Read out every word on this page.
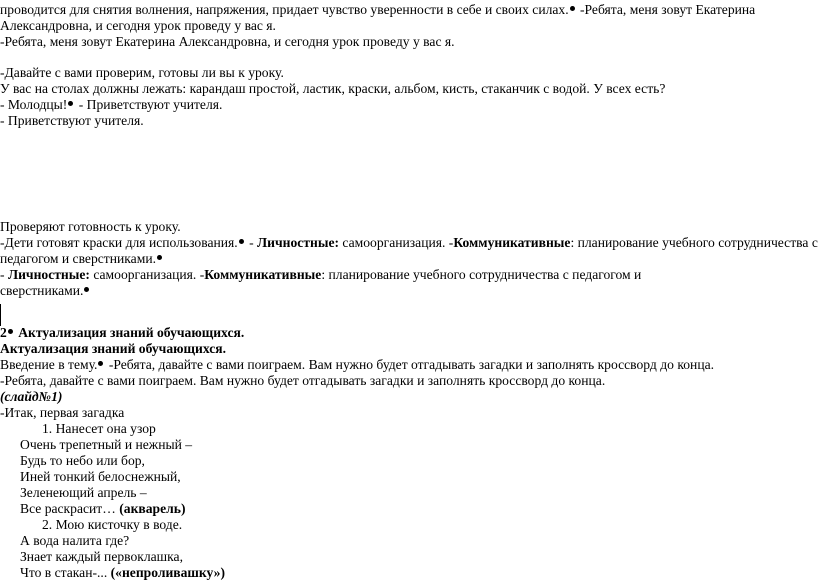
проводится для снятия волнения, напряжения, придает чувство уверенности в себе и своих силах. -Ребята, меня зовут Екатерина
Александровна, и сегодня урок проведу у вас я.
-Ребята, меня зовут Екатерина Александровна, и сегодня урок проведу у вас я.
-Давайте с вами проверим, готовы ли вы к уроку.
У вас на столах должны лежать: карандаш простой, ластик, краски, альбом, кисть, стаканчик с водой. У всех есть?
- Молодцы! - Приветствуют учителя.
- Приветствуют учителя.
Проверяют готовность к уроку.
-Дети готовят краски для использования. - Личностные: самоорганизация. -Коммуникативные: планирование учебного сотрудничества с
педагогом и сверстниками.
- Личностные: самоорганизация. -Коммуникативные: планирование учебного сотрудничества с педагогом и
сверстниками.
2 Актуализация знаний обучающихся.
Актуализация знаний обучающихся.
Введение в тему. -Ребята, давайте с вами поиграем. Вам нужно будет отгадывать загадки и заполнять кроссворд до конца.
-Ребята, давайте с вами поиграем. Вам нужно будет отгадывать загадки и заполнять кроссворд до конца.
(слайд№1)
-Итак, первая загадка
1. Нанесет она узор
Очень трепетный и нежный –
Будь то небо или бор,
Иней тонкий белоснежный,
Зеленеющий апрель –
Все раскрасит… (акварель)
2. Мою кисточку в воде.
А вода налита где?
Знает каждый первоклашка,
Что в стакан-... («непроливашку»)
